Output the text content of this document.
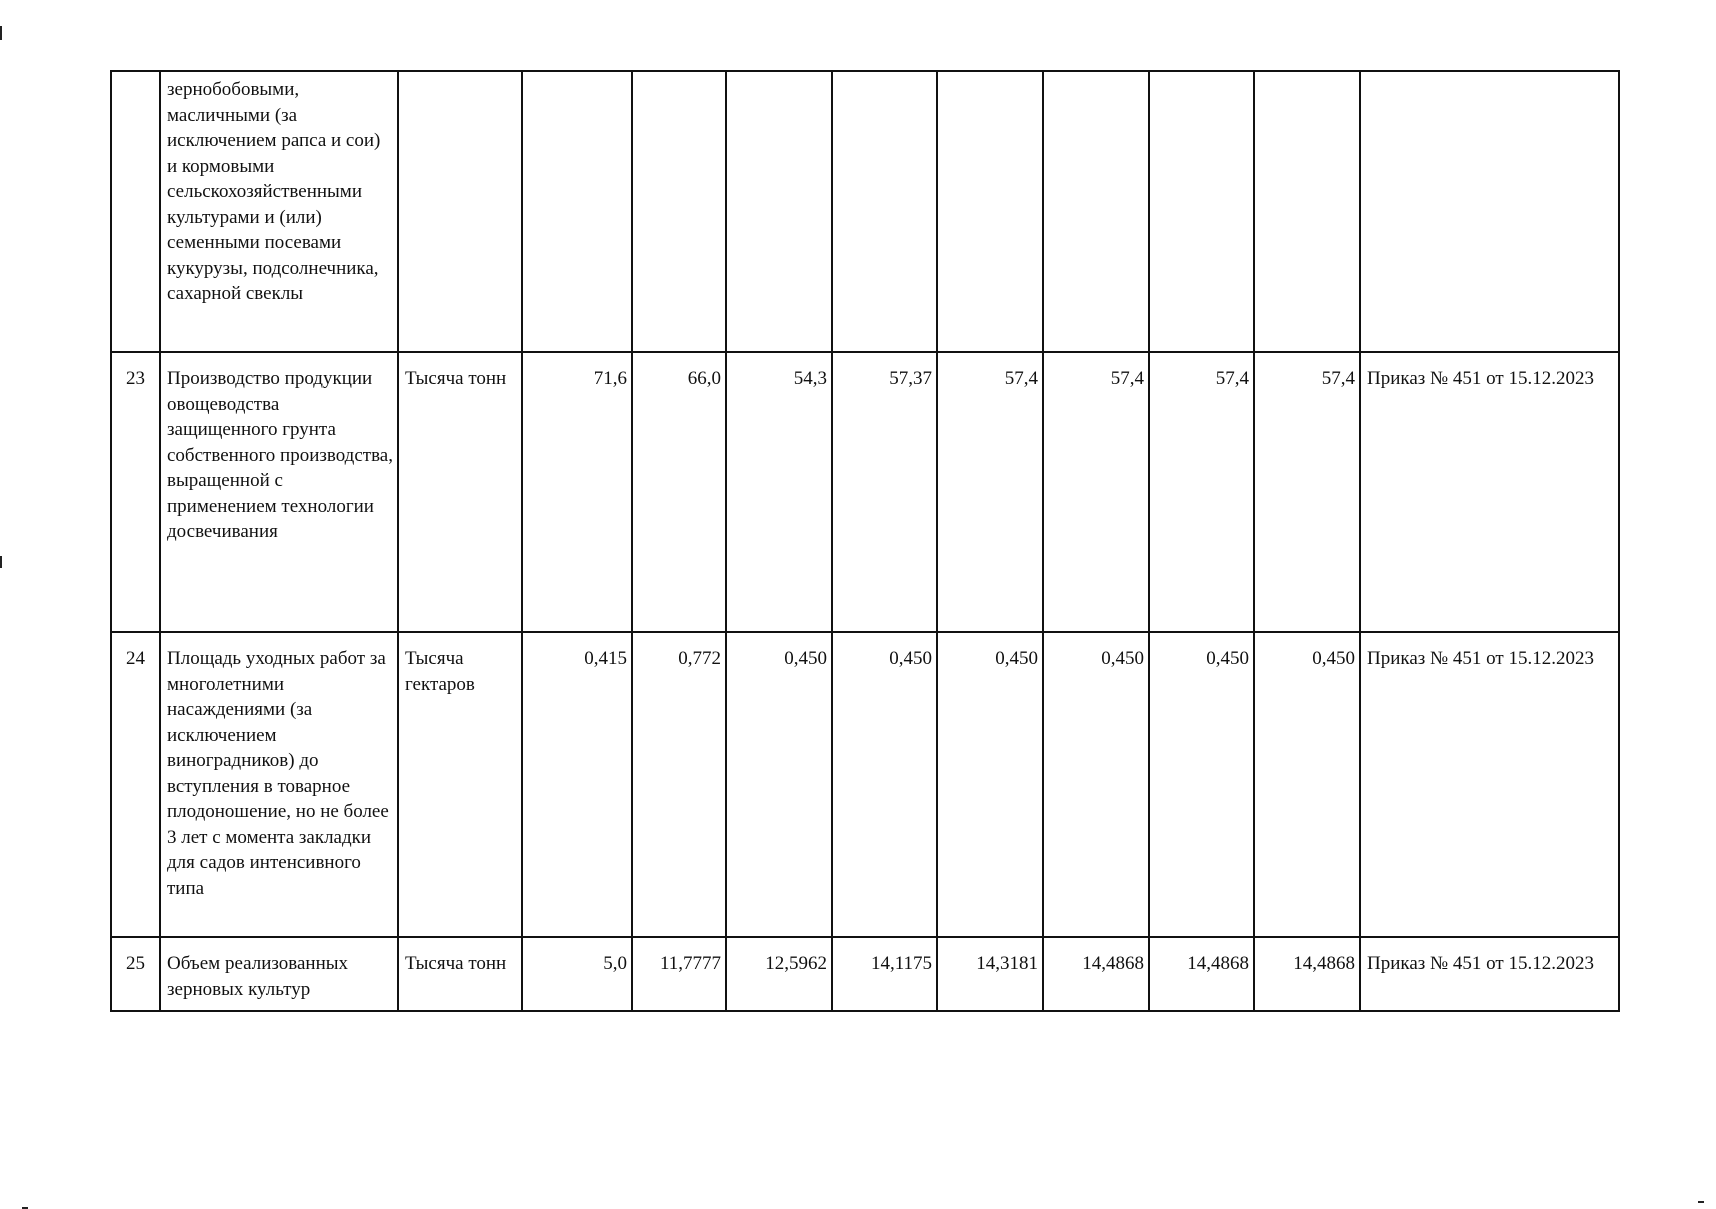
	зернобобовыми, масличными (за исключением рапса и сои) и кормовыми сельскохозяйственными культурами и (или) семенными посевами кукурузы, подсолнечника, сахарной свеклы										
23	Производство продукции овощеводства защищенного грунта собственного производства, выращенной с применением технологии досвечивания	Тысяча тонн	71,6	66,0	54,3	57,37	57,4	57,4	57,4	57,4	Приказ № 451 от 15.12.2023
24	Площадь уходных работ за многолетними насаждениями (за исключением виноградников) до вступления в товарное плодоношение, но не более 3 лет с момента закладки для садов интенсивного типа	Тысяча гектаров	0,415	0,772	0,450	0,450	0,450	0,450	0,450	0,450	Приказ № 451 от 15.12.2023
25	Объем реализованных зерновых культур	Тысяча тонн	5,0	11,7777	12,5962	14,1175	14,3181	14,4868	14,4868	14,4868	Приказ № 451 от 15.12.2023
